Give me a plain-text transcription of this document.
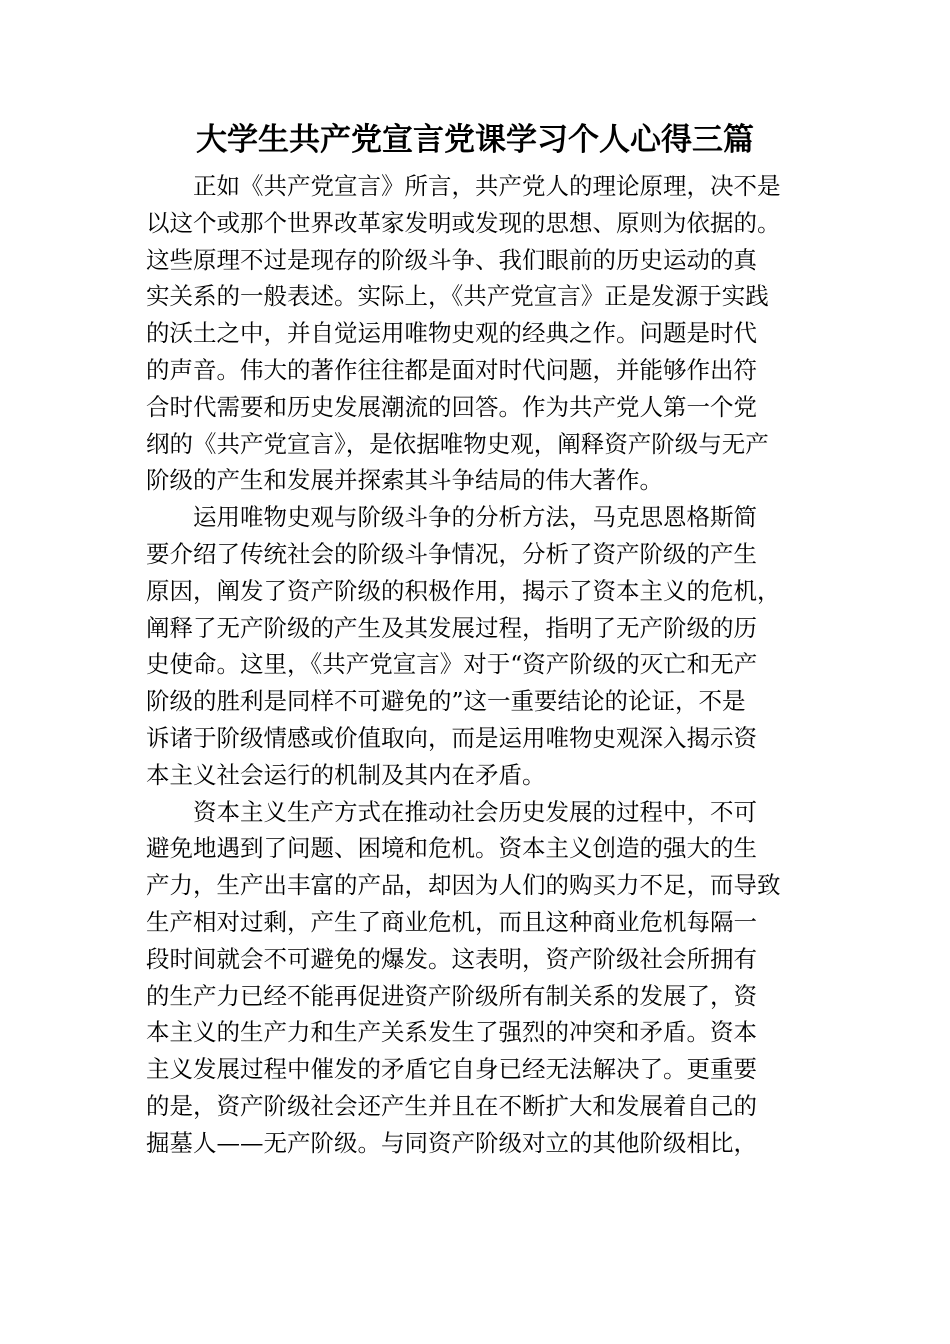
大学生共产党宣言党课学习个人心得三篇
正如《共产党宣言》所言，共产党人的理论原理，决不是
以这个或那个世界改革家发明或发现的思想、原则为依据的。
这些原理不过是现存的阶级斗争、我们眼前的历史运动的真
实关系的一般表述。实际上，《共产党宣言》正是发源于实践
的沃土之中，并自觉运用唯物史观的经典之作。问题是时代
的声音。伟大的著作往往都是面对时代问题，并能够作出符
合时代需要和历史发展潮流的回答。作为共产党人第一个党
纲的《共产党宣言》，是依据唯物史观，阐释资产阶级与无产
阶级的产生和发展并探索其斗争结局的伟大著作。
运用唯物史观与阶级斗争的分析方法，马克思恩格斯简
要介绍了传统社会的阶级斗争情况，分析了资产阶级的产生
原因，阐发了资产阶级的积极作用，揭示了资本主义的危机，
阐释了无产阶级的产生及其发展过程，指明了无产阶级的历
史使命。这里，《共产党宣言》对于“资产阶级的灭亡和无产
阶级的胜利是同样不可避免的”这一重要结论的论证，不是
诉诸于阶级情感或价值取向，而是运用唯物史观深入揭示资
本主义社会运行的机制及其内在矛盾。
资本主义生产方式在推动社会历史发展的过程中，不可
避免地遇到了问题、困境和危机。资本主义创造的强大的生
产力，生产出丰富的产品，却因为人们的购买力不足，而导致
生产相对过剩，产生了商业危机，而且这种商业危机每隔一
段时间就会不可避免的爆发。这表明，资产阶级社会所拥有
的生产力已经不能再促进资产阶级所有制关系的发展了，资
本主义的生产力和生产关系发生了强烈的冲突和矛盾。资本
主义发展过程中催发的矛盾它自身已经无法解决了。更重要
的是，资产阶级社会还产生并且在不断扩大和发展着自己的
掘墓人——无产阶级。与同资产阶级对立的其他阶级相比，
